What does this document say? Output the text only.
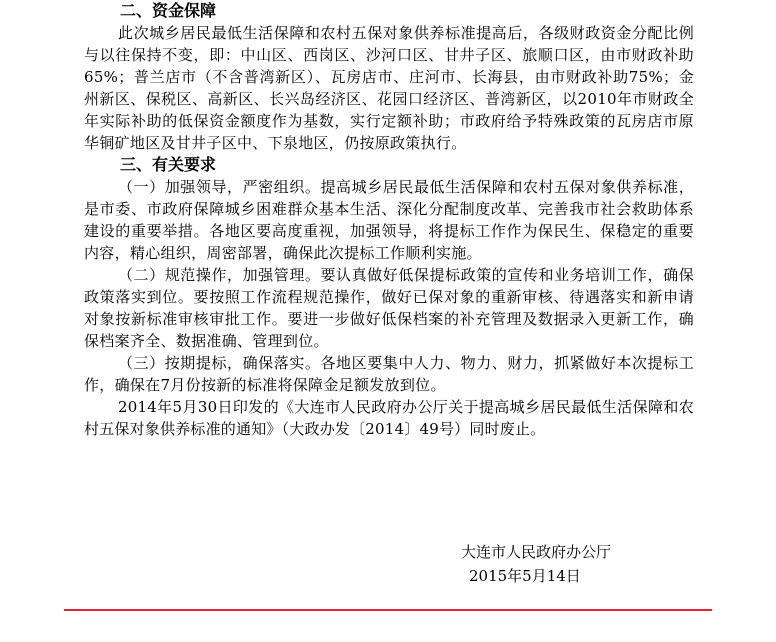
二、资金保障

此次城乡居民最低生活保障和农村五保对象供养标准提高后，各级财政资金分配比例与以往保持不变，即：中山区、西岗区、沙河口区、甘井子区、旅顺口区，由市财政补助65%；普兰店市（不含普湾新区）、瓦房店市、庄河市、长海县，由市财政补助75%；金州新区、保税区、高新区、长兴岛经济区、花园口经济区、普湾新区，以2010年市财政全年实际补助的低保资金额度作为基数，实行定额补助；市政府给予特殊政策的瓦房店市原华铜矿地区及甘井子区中、下泉地区，仍按原政策执行。

三、有关要求

（一）加强领导，严密组织。提高城乡居民最低生活保障和农村五保对象供养标准，是市委、市政府保障城乡困难群众基本生活、深化分配制度改革、完善我市社会救助体系建设的重要举措。各地区要高度重视，加强领导，将提标工作作为保民生、保稳定的重要内容，精心组织，周密部署，确保此次提标工作顺利实施。

（二）规范操作，加强管理。要认真做好低保提标政策的宣传和业务培训工作，确保政策落实到位。要按照工作流程规范操作，做好已保对象的重新审核、待遇落实和新申请对象按新标准审核审批工作。要进一步做好低保档案的补充管理及数据录入更新工作，确保档案齐全、数据准确、管理到位。

（三）按期提标，确保落实。各地区要集中人力、物力、财力，抓紧做好本次提标工作，确保在7月份按新的标准将保障金足额发放到位。

2014年5月30日印发的《大连市人民政府办公厅关于提高城乡居民最低生活保障和农村五保对象供养标准的通知》（大政办发〔2014〕49号）同时废止。

大连市人民政府办公厅
2015年5月14日
